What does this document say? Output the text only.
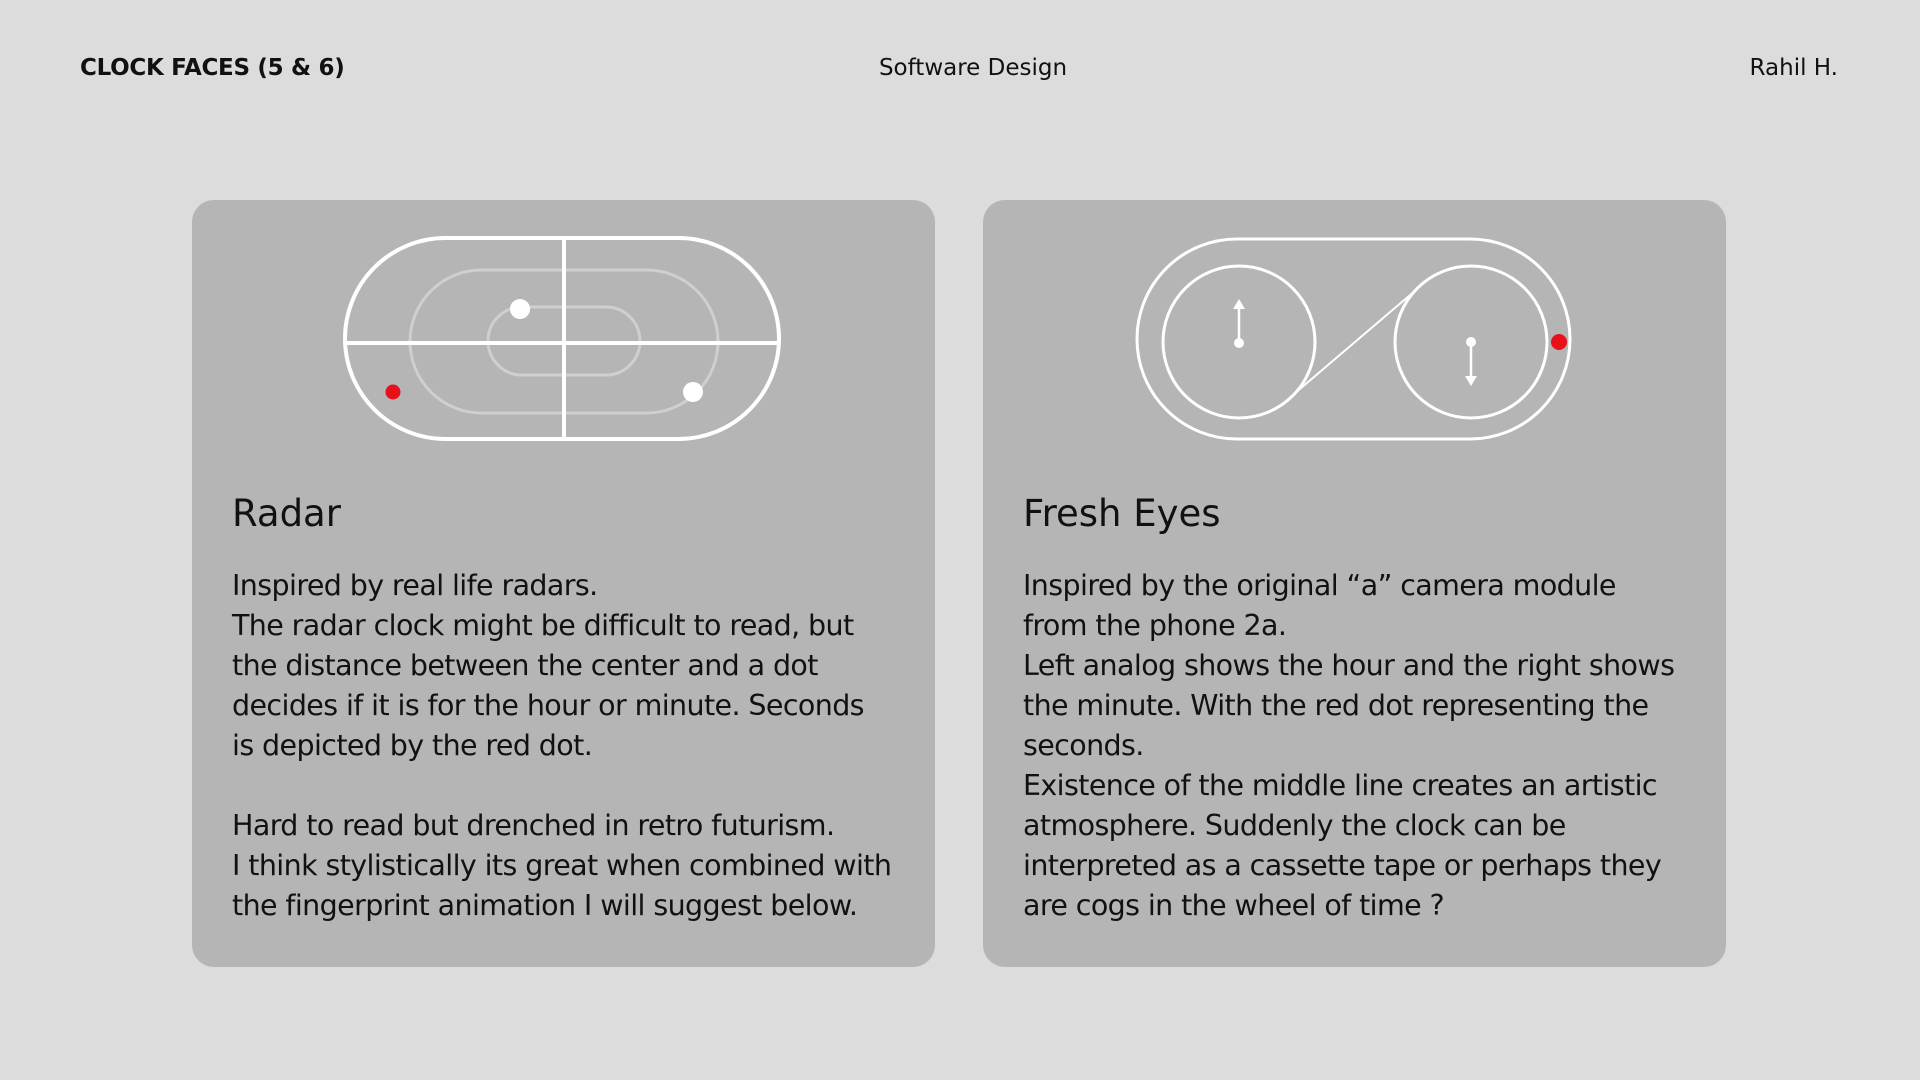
CLOCK FACES (5 & 6)	Software Design	Rahil H.
Radar
Inspired by real life radars.
The radar clock might be difficult to read, but
the distance between the center and a dot
decides if it is for the hour or minute. Seconds
is depicted by the red dot.
Hard to read but drenched in retro futurism.
I think stylistically its great when combined with
the fingerprint animation I will suggest below.
Fresh Eyes
Inspired by the original “a” camera module
from the phone 2a.
Left analog shows the hour and the right shows
the minute. With the red dot representing the
seconds.
Existence of the middle line creates an artistic
atmosphere. Suddenly the clock can be
interpreted as a cassette tape or perhaps they
are cogs in the wheel of time ?
